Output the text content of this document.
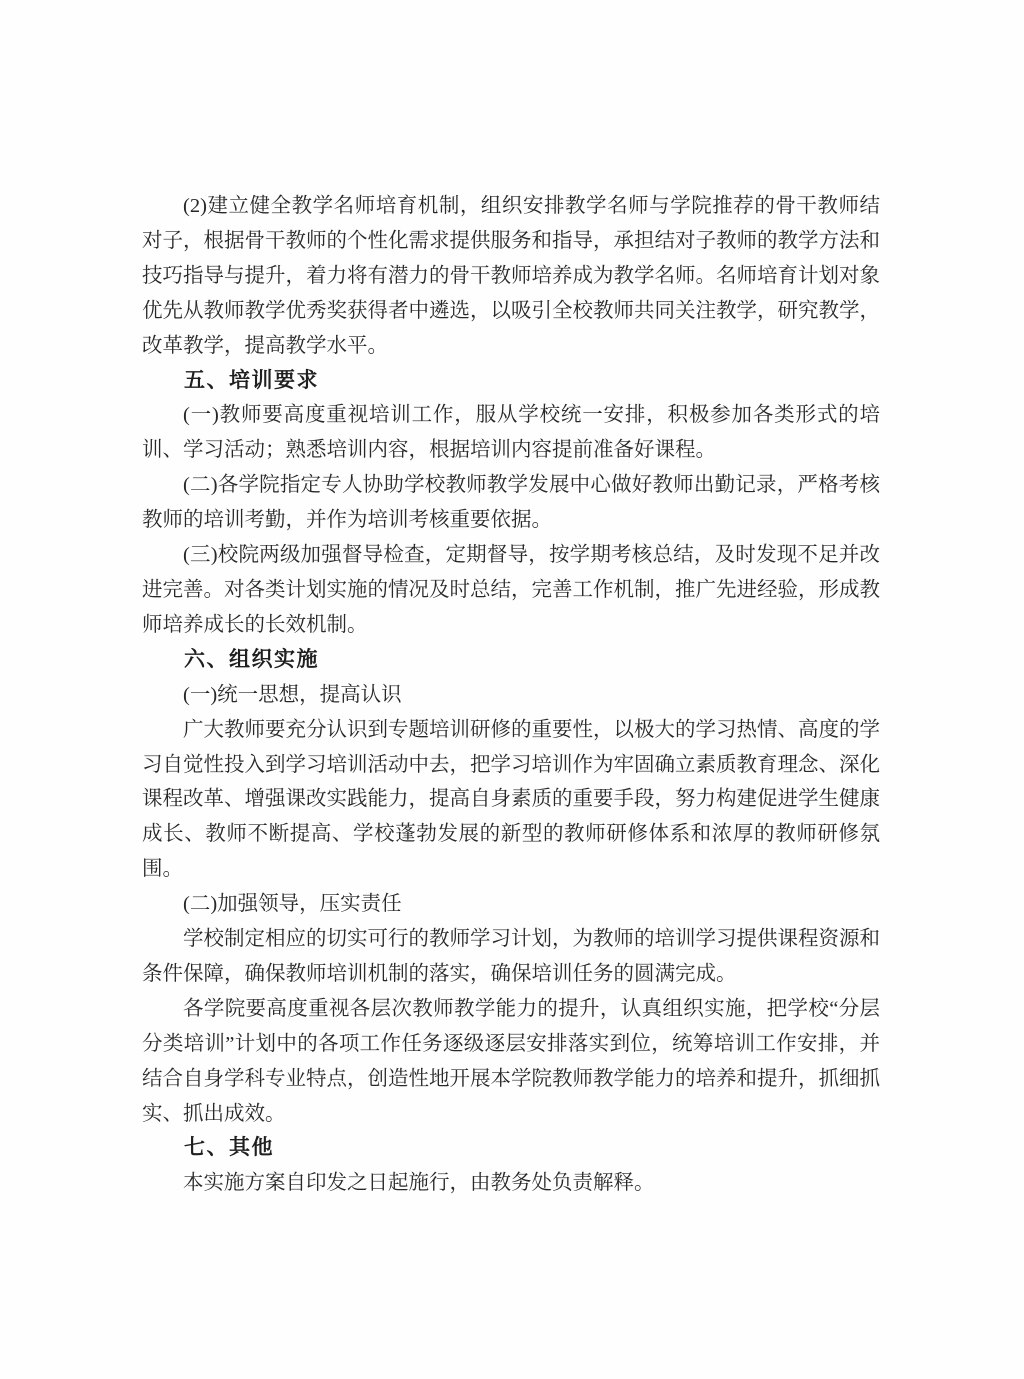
(2)建立健全教学名师培育机制，组织安排教学名师与学院推荐的骨干教师结对子，根据骨干教师的个性化需求提供服务和指导，承担结对子教师的教学方法和技巧指导与提升，着力将有潜力的骨干教师培养成为教学名师。名师培育计划对象优先从教师教学优秀奖获得者中遴选，以吸引全校教师共同关注教学，研究教学，改革教学，提高教学水平。

五、培训要求

(一)教师要高度重视培训工作，服从学校统一安排，积极参加各类形式的培训、学习活动；熟悉培训内容，根据培训内容提前准备好课程。

(二)各学院指定专人协助学校教师教学发展中心做好教师出勤记录，严格考核教师的培训考勤，并作为培训考核重要依据。

(三)校院两级加强督导检查，定期督导，按学期考核总结，及时发现不足并改进完善。对各类计划实施的情况及时总结，完善工作机制，推广先进经验，形成教师培养成长的长效机制。

六、组织实施

(一)统一思想，提高认识

广大教师要充分认识到专题培训研修的重要性，以极大的学习热情、高度的学习自觉性投入到学习培训活动中去，把学习培训作为牢固确立素质教育理念、深化课程改革、增强课改实践能力，提高自身素质的重要手段，努力构建促进学生健康成长、教师不断提高、学校蓬勃发展的新型的教师研修体系和浓厚的教师研修氛围。

(二)加强领导，压实责任

学校制定相应的切实可行的教师学习计划，为教师的培训学习提供课程资源和条件保障，确保教师培训机制的落实，确保培训任务的圆满完成。

各学院要高度重视各层次教师教学能力的提升，认真组织实施，把学校“分层分类培训”计划中的各项工作任务逐级逐层安排落实到位，统筹培训工作安排，并结合自身学科专业特点，创造性地开展本学院教师教学能力的培养和提升，抓细抓实、抓出成效。

七、其他

本实施方案自印发之日起施行，由教务处负责解释。
